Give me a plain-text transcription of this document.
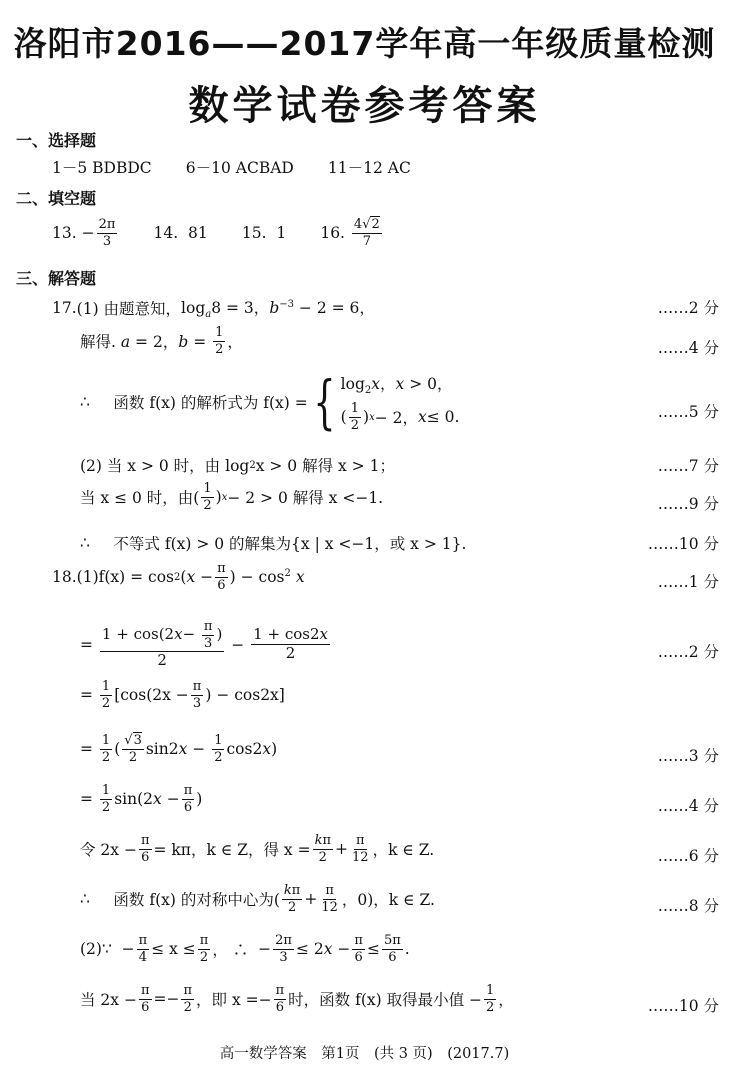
洛阳市2016——2017学年高一年级质量检测
数学试卷参考答案
一、选择题
1－5 BDBDC 6－10 ACBAD 11－12 AC
二、填空题
13. − $\frac{2\pi}{3} 14$.
81 15.
1 16.
$\frac{4√2}{7}$
三、解答题
17. (1) 由题意知， $\log_a8 = 3$，$b^{-3} - 2 = 6$，	……2 分
解得. a = 2，$b = \frac{1}{2}$ ，	……4 分
∴
函数 f(x) 的解析式为 f(x) = { $\log_2x$，x > 0，
( $\frac{1}{2}$ ) x − 2， x ≤ 0.	……5 分
(2) 当 x > 0 时，由 log 2 x > 0 解得 x > 1；	……7 分
当 x ≤ 0 时，由( $\frac{1}{2}$ ) x − 2 > 0 解得 x <−1.	……9 分
∴
不等式 f(x) > 0 的解集为{x | x <−1，或 x > 1}.	……10 分
18. (1)f(x) = cos 2 ($x - \frac{\pi}{6}$ ) − $\cos^2 x$	……1 分
= $\frac{1 + \cos(2 x - \frac{\pi}{3} )}{2} - \frac{1 + \cos 2x}{2}$	……2 分
= $\frac{1}{2} [\cos(2x - \frac{\pi}{3}$ ) − cos2x]
= $\frac{1}{2}$ ( $\frac{√3}{2} \sin 2x - \frac{1}{2} \cos 2x$)	……3 分
= $\frac{1}{2} \sin(2x - \frac{\pi}{6}$ )	……4 分
令 $2x - \frac{\pi}{6} = k\pi$，k ∈ Z，得 $x = \frac{k\pi}{2} + \frac{\pi}{12}$ ，k ∈ Z.	……6 分
∴
函数 f(x) 的对称中心为( $\frac{k\pi}{2} + \frac{\pi}{12}$ ，0)，k ∈ Z.	……8 分
(2)∵ − $\frac{\pi}{4} \le x \le \frac{\pi}{2}$ ， ∴ − $\frac{2\pi}{3} \le 2x - \frac{\pi}{6} \le \frac{5\pi}{6}$ .
当 $2x - \frac{\pi}{6} =- \frac{\pi}{2}$ ，即 $x =- \frac{\pi}{6}$ 时，函数 f(x) 取得最小值 − $\frac{1}{2}$ ，	……10 分
高一数学答案　第1页　(共 3 页)　(2017.7)
